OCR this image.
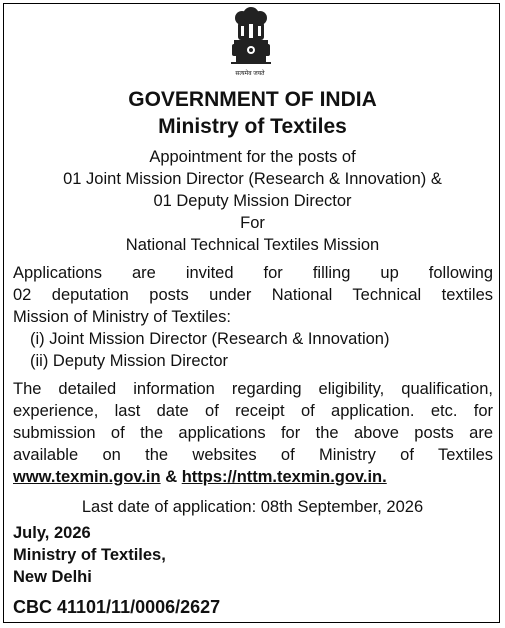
सत्यमेव जयते
GOVERNMENT OF INDIA
Ministry of Textiles
Appointment for the posts of
01 Joint Mission Director (Research & Innovation) &
01 Deputy Mission Director
For
National Technical Textiles Mission
Applications are invited for filling up following
02 deputation posts under National Technical textiles
Mission of Ministry of Textiles:
(i) Joint Mission Director (Research & Innovation)
(ii) Deputy Mission Director
The detailed information regarding eligibility, qualification,
experience, last date of receipt of application. etc. for
submission of the applications for the above posts are
available on the websites of Ministry of Textiles
www.texmin.gov.in & https://nttm.texmin.gov.in.
Last date of application: 08th September, 2026
July, 2026
Ministry of Textiles,
New Delhi
CBC 41101/11/0006/2627
